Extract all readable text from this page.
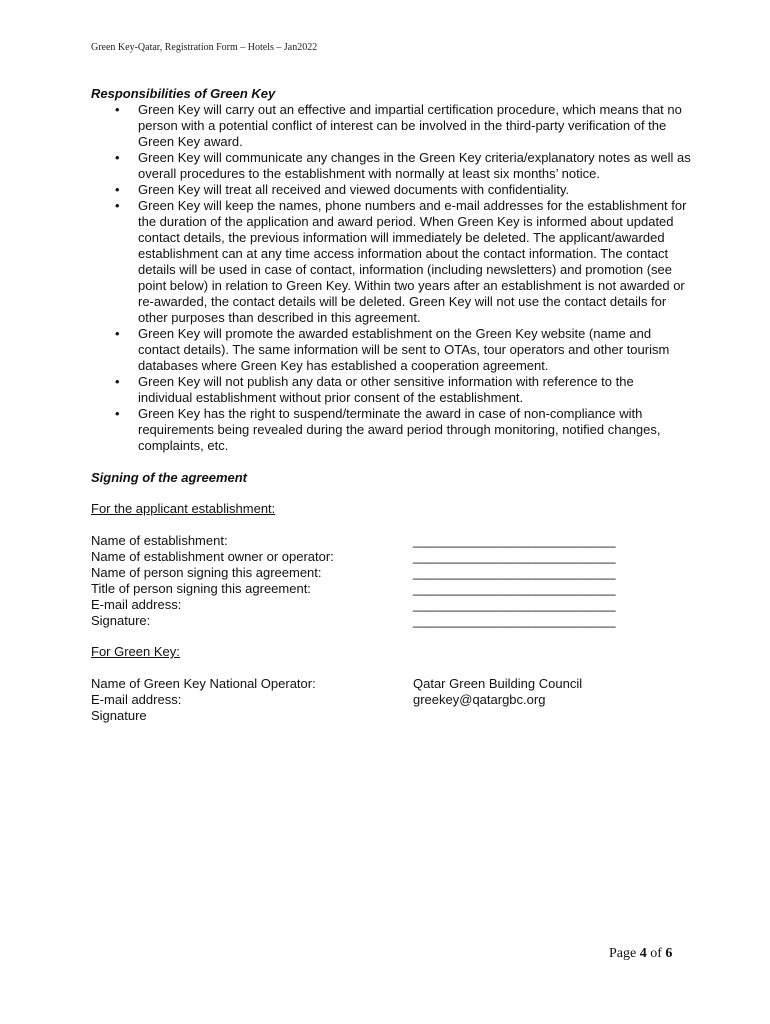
Green Key-Qatar, Registration Form – Hotels – Jan2022

Responsibilities of Green Key

• Green Key will carry out an effective and impartial certification procedure, which means that no person with a potential conflict of interest can be involved in the third-party verification of the Green Key award.
• Green Key will communicate any changes in the Green Key criteria/explanatory notes as well as overall procedures to the establishment with normally at least six months’ notice.
• Green Key will treat all received and viewed documents with confidentiality.
• Green Key will keep the names, phone numbers and e-mail addresses for the establishment for the duration of the application and award period. When Green Key is informed about updated contact details, the previous information will immediately be deleted. The applicant/awarded establishment can at any time access information about the contact information. The contact details will be used in case of contact, information (including newsletters) and promotion (see point below) in relation to Green Key. Within two years after an establishment is not awarded or re-awarded, the contact details will be deleted. Green Key will not use the contact details for other purposes than described in this agreement.
• Green Key will promote the awarded establishment on the Green Key website (name and contact details). The same information will be sent to OTAs, tour operators and other tourism databases where Green Key has established a cooperation agreement.
• Green Key will not publish any data or other sensitive information with reference to the individual establishment without prior consent of the establishment.
• Green Key has the right to suspend/terminate the award in case of non-compliance with requirements being revealed during the award period through monitoring, notified changes, complaints, etc.

Signing of the agreement

For the applicant establishment:
Name of establishment:	____________________________
Name of establishment owner or operator:	____________________________
Name of person signing this agreement:	____________________________
Title of person signing this agreement:	____________________________
E-mail address:	____________________________
Signature:	____________________________
For Green Key:
Name of Green Key National Operator:	Qatar Green Building Council
E-mail address:	greekey@qatargbc.org
Signature
Page 4 of 6
